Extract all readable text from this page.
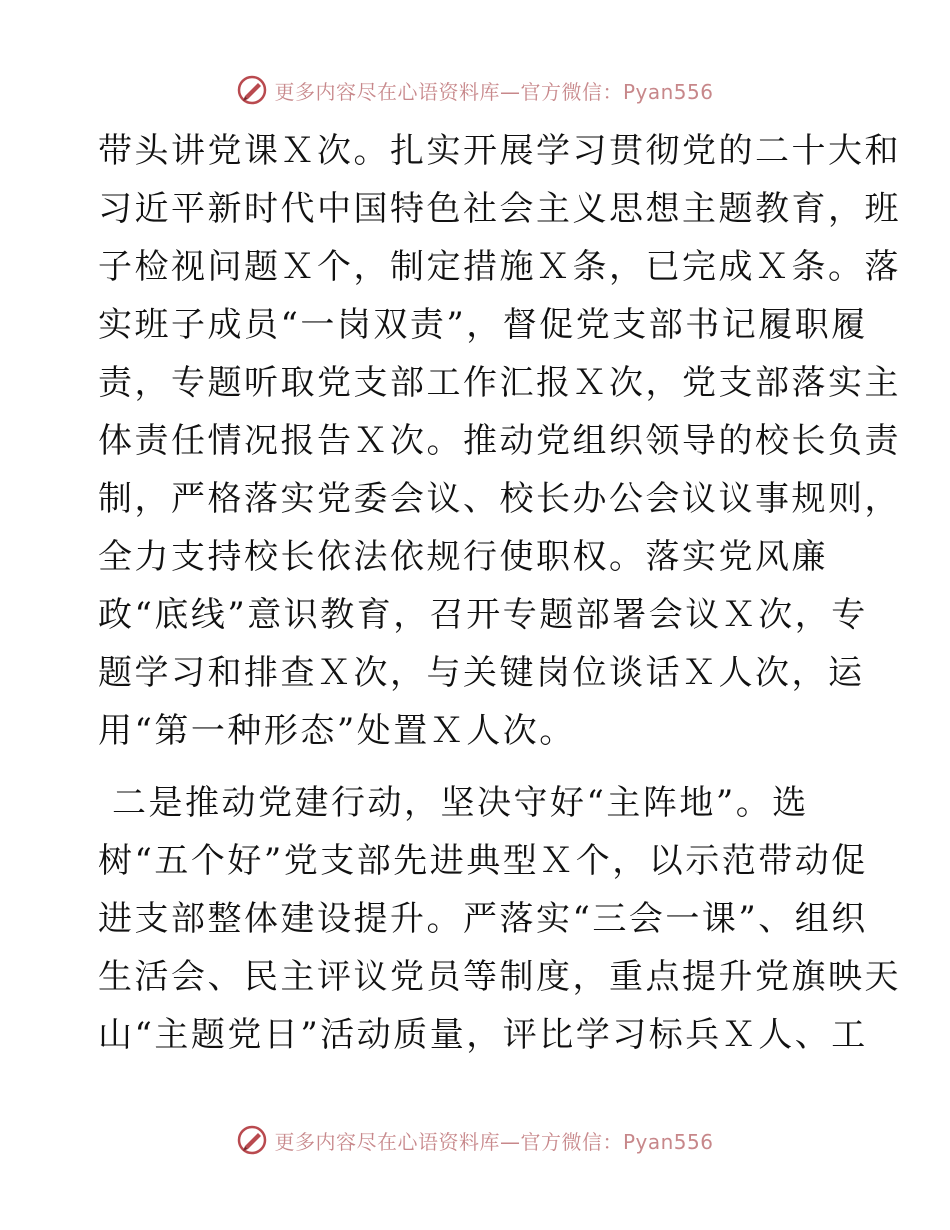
更多内容尽在心语资料库—官方微信：Pyan556
带头讲党课Ｘ次。扎实开展学习贯彻党的二十大和
习近平新时代中国特色社会主义思想主题教育，班
子检视问题Ｘ个，制定措施Ｘ条，已完成Ｘ条。落
实班子成员“一岗双责”，督促党支部书记履职履
责，专题听取党支部工作汇报Ｘ次，党支部落实主
体责任情况报告Ｘ次。推动党组织领导的校长负责
制，严格落实党委会议、校长办公会议议事规则，
全力支持校长依法依规行使职权。落实党风廉
政“底线”意识教育，召开专题部署会议Ｘ次，专
题学习和排查Ｘ次，与关键岗位谈话Ｘ人次，运
用“第一种形态”处置Ｘ人次。
二是推动党建行动，坚决守好“主阵地”。选
树“五个好”党支部先进典型Ｘ个，以示范带动促
进支部整体建设提升。严落实“三会一课”、组织
生活会、民主评议党员等制度，重点提升党旗映天
山“主题党日”活动质量，评比学习标兵Ｘ人、工
更多内容尽在心语资料库—官方微信：Pyan556
